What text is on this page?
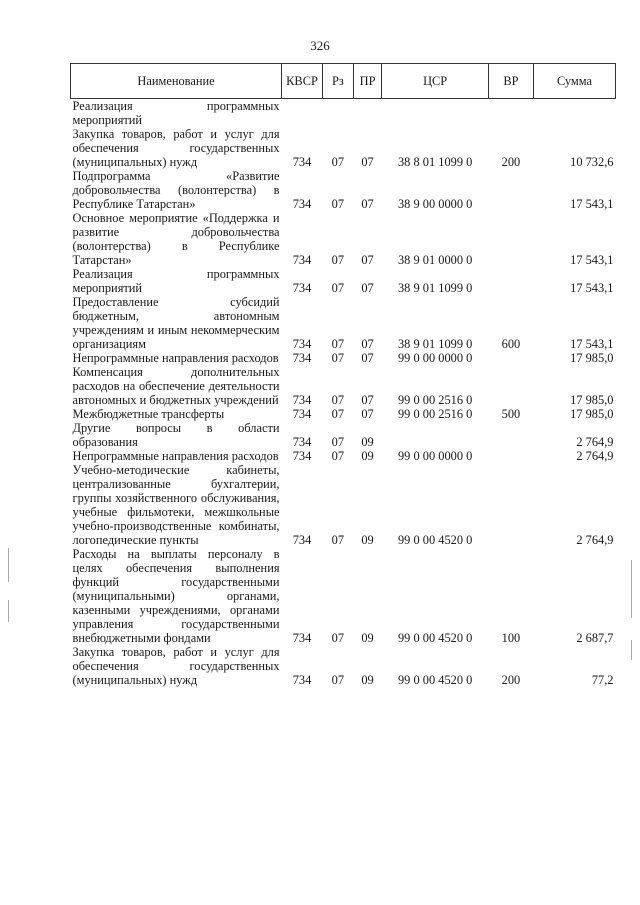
326
Наименование	КВСР	Рз	ПР	ЦСР	ВР	Сумма
Реализация программных мероприятий						
Закупка товаров, работ и услуг для обеспечения государственных (муниципальных) нужд	734	07	07	38 8 01 1099 0	200	10 732,6
Подпрограмма «Развитие добровольчества (волонтерства) в Республике Татарстан»	734	07	07	38 9 00 0000 0		17 543,1
Основное мероприятие «Поддержка и развитие добровольчества (волонтерства) в Республике Татарстан»	734	07	07	38 9 01 0000 0		17 543,1
Реализация программных мероприятий	734	07	07	38 9 01 1099 0		17 543,1
Предоставление субсидий бюджетным, автономным учреждениям и иным некоммерческим организациям	734	07	07	38 9 01 1099 0	600	17 543,1
Непрограммные направления расходов	734	07	07	99 0 00 0000 0		17 985,0
Компенсация дополнительных расходов на обеспечение деятельности автономных и бюджетных учреждений	734	07	07	99 0 00 2516 0		17 985,0
Межбюджетные трансферты	734	07	07	99 0 00 2516 0	500	17 985,0
Другие вопросы в области образования	734	07	09			2 764,9
Непрограммные направления расходов	734	07	09	99 0 00 0000 0		2 764,9
Учебно-методические кабинеты, централизованные бухгалтерии, группы хозяйственного обслуживания, учебные фильмотеки, межшкольные учебно-производственные комбинаты, логопедические пункты	734	07	09	99 0 00 4520 0		2 764,9
Расходы на выплаты персоналу в целях обеспечения выполнения функций государственными (муниципальными) органами, казенными учреждениями, органами управления государственными внебюджетными фондами	734	07	09	99 0 00 4520 0	100	2 687,7
Закупка товаров, работ и услуг для обеспечения государственных (муниципальных) нужд	734	07	09	99 0 00 4520 0	200	77,2
